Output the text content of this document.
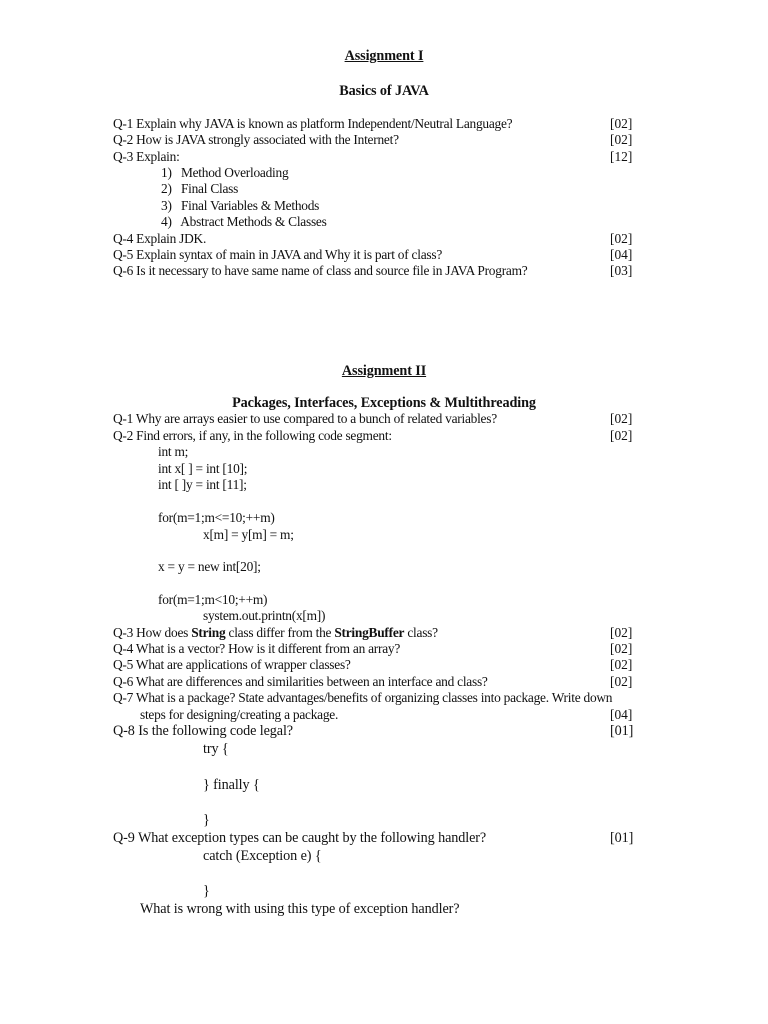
Assignment I
Basics of JAVA
Q-1 Explain why JAVA is known as platform Independent/Neutral Language?	[02]
Q-2 How is JAVA strongly associated with the Internet?	[02]
Q-3 Explain:	[12]
1)   Method Overloading
2)   Final Class
3)   Final Variables & Methods
4)   Abstract Methods & Classes
Q-4 Explain JDK.	[02]
Q-5 Explain syntax of main in JAVA and Why it is part of class?	[04]
Q-6 Is it necessary to have same name of class and source file in JAVA Program?	[03]
Assignment II
Packages, Interfaces, Exceptions & Multithreading
Q-1 Why are arrays easier to use compared to a bunch of related variables?	[02]
Q-2 Find errors, if any, in the following code segment:	[02]
int m;
int x[ ] = int [10];
int [ ]y = int [11];
for(m=1;m<=10;++m)
x[m] = y[m] = m;
x = y = new int[20];
for(m=1;m<10;++m)
system.out.printn(x[m])
Q-3 How does String class differ from the StringBuffer class?	[02]
Q-4 What is a vector? How is it different from an array?	[02]
Q-5 What are applications of wrapper classes?	[02]
Q-6 What are differences and similarities between an interface and class?	[02]
Q-7 What is a package? State advantages/benefits of organizing classes into package. Write down
steps for designing/creating a package.	[04]
Q-8 Is the following code legal?	[01]
try {
} finally {
}
Q-9 What exception types can be caught by the following handler?	[01]
catch (Exception e) {
}
What is wrong with using this type of exception handler?
